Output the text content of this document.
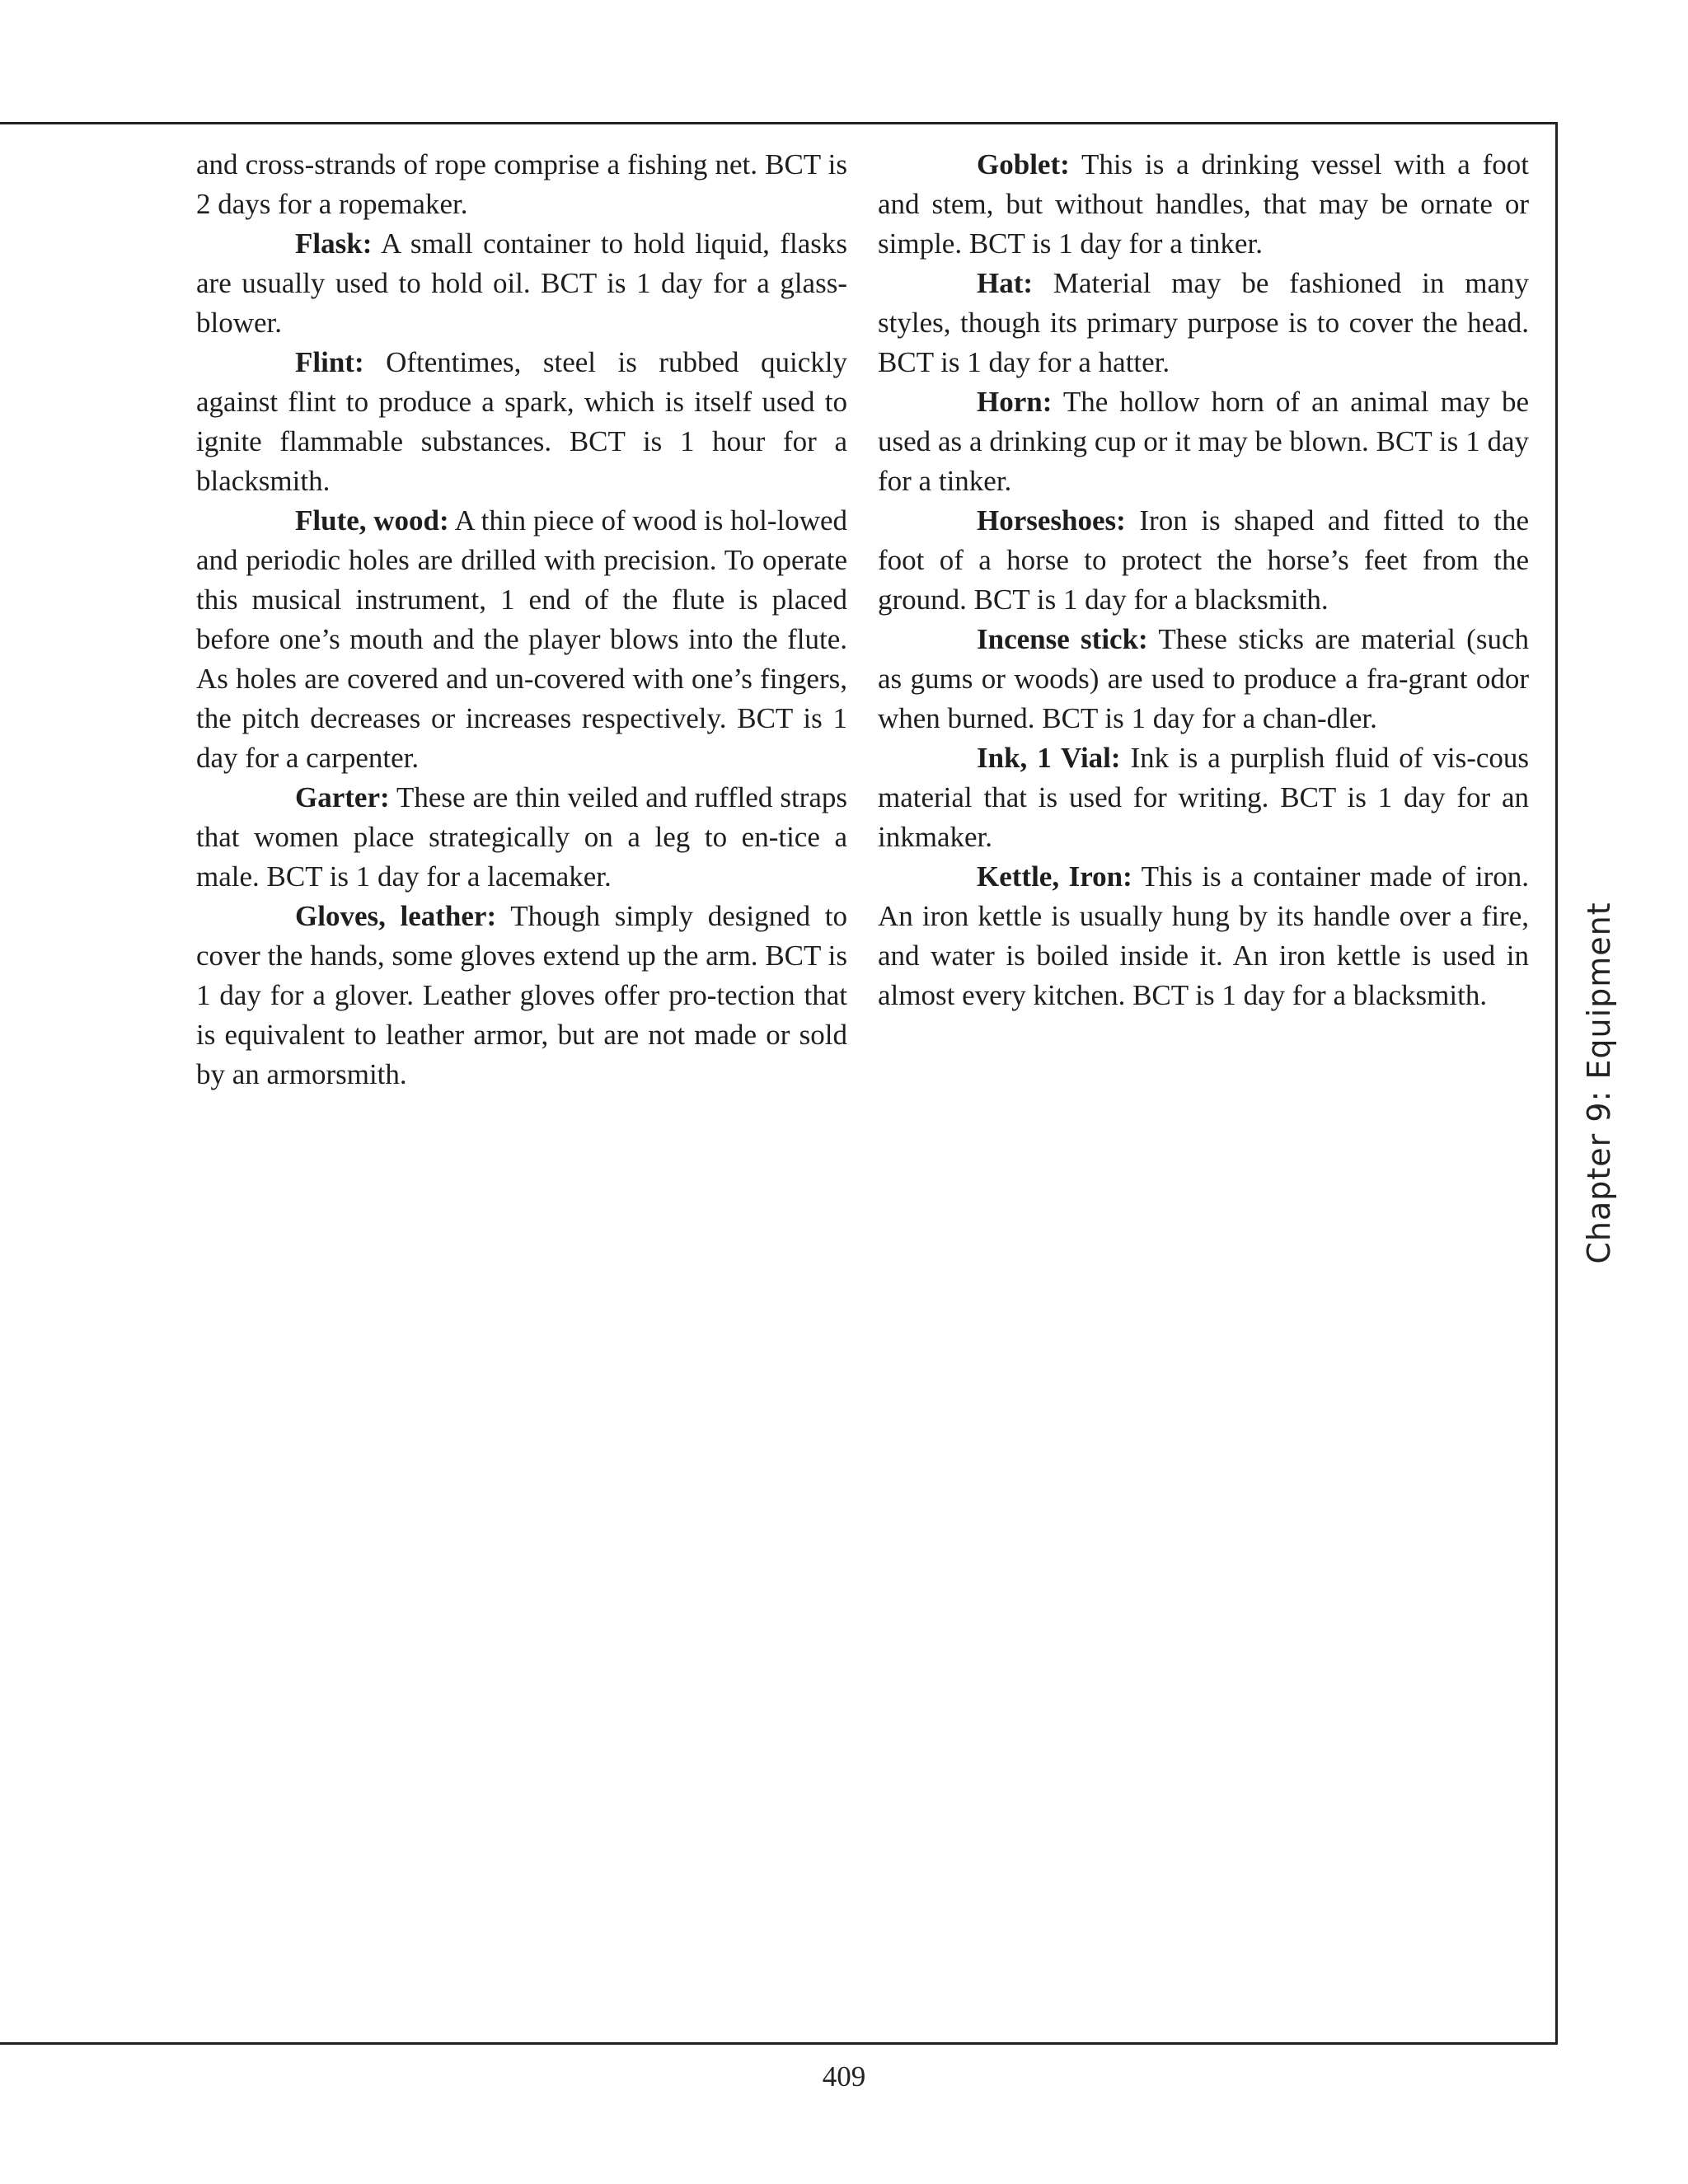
and cross-strands of rope comprise a fishing net. BCT is 2 days for a ropemaker.

Flask: A small container to hold liquid, flasks are usually used to hold oil. BCT is 1 day for a glass-blower.

Flint: Oftentimes, steel is rubbed quickly against flint to produce a spark, which is itself used to ignite flammable substances. BCT is 1 hour for a blacksmith.

Flute, wood: A thin piece of wood is hol-lowed and periodic holes are drilled with precision. To operate this musical instrument, 1 end of the flute is placed before one’s mouth and the player blows into the flute. As holes are covered and un-covered with one’s fingers, the pitch decreases or increases respectively. BCT is 1 day for a carpenter.

Garter: These are thin veiled and ruffled straps that women place strategically on a leg to en-tice a male. BCT is 1 day for a lacemaker.

Gloves, leather: Though simply designed to cover the hands, some gloves extend up the arm. BCT is 1 day for a glover. Leather gloves offer pro-tection that is equivalent to leather armor, but are not made or sold by an armorsmith.

Goblet: This is a drinking vessel with a foot and stem, but without handles, that may be ornate or simple. BCT is 1 day for a tinker.

Hat: Material may be fashioned in many styles, though its primary purpose is to cover the head. BCT is 1 day for a hatter.

Horn: The hollow horn of an animal may be used as a drinking cup or it may be blown. BCT is 1 day for a tinker.

Horseshoes: Iron is shaped and fitted to the foot of a horse to protect the horse’s feet from the ground. BCT is 1 day for a blacksmith.

Incense stick: These sticks are material (such as gums or woods) are used to produce a fra-grant odor when burned. BCT is 1 day for a chan-dler.

Ink, 1 Vial: Ink is a purplish fluid of vis-cous material that is used for writing. BCT is 1 day for an inkmaker.

Kettle, Iron: This is a container made of iron. An iron kettle is usually hung by its handle over a fire, and water is boiled inside it. An iron kettle is used in almost every kitchen. BCT is 1 day for a blacksmith.	Chapter 9: Equipment
409
